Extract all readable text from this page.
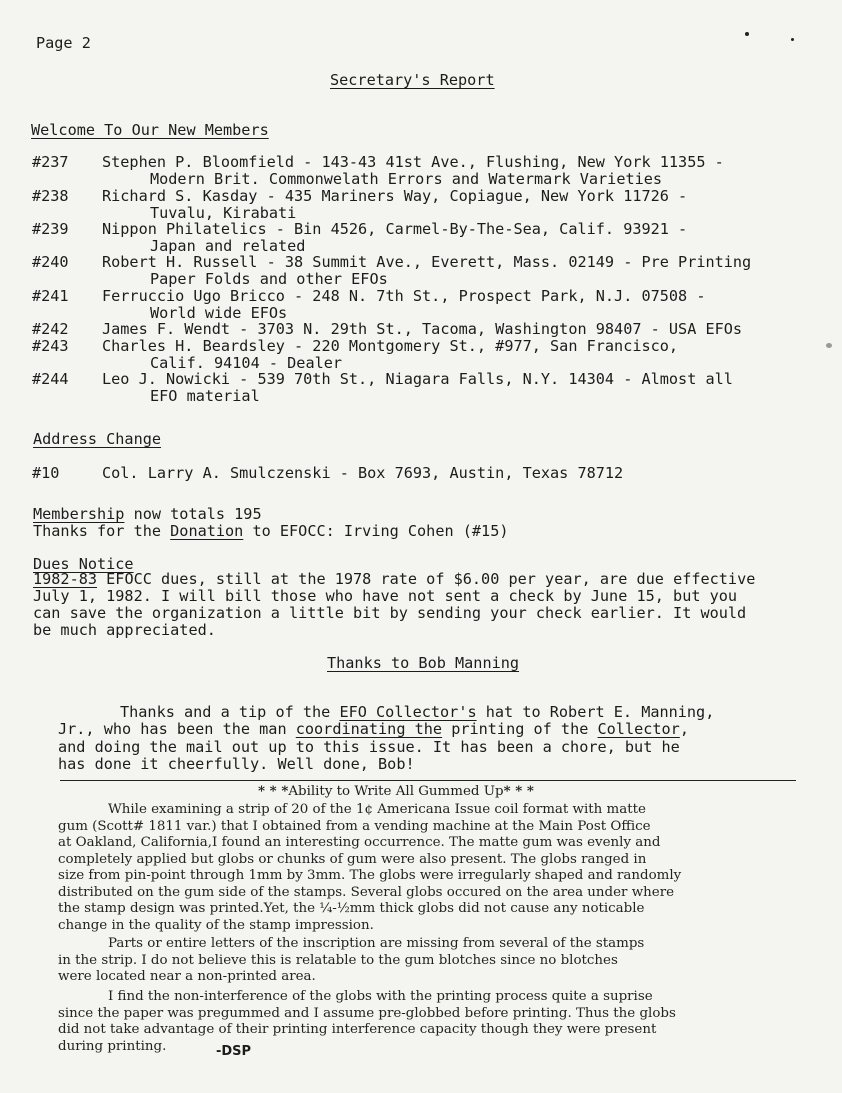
Page 2
Secretary's Report
Welcome To Our New Members
#237 Stephen P. Bloomfield - 143-43 41st Ave., Flushing, New York 11355 -
Modern Brit. Commonwelath Errors and Watermark Varieties
#238 Richard S. Kasday - 435 Mariners Way, Copiague, New York 11726 -
Tuvalu, Kirabati
#239 Nippon Philatelics - Bin 4526, Carmel-By-The-Sea, Calif. 93921 -
Japan and related
#240 Robert H. Russell - 38 Summit Ave., Everett, Mass. 02149 - Pre Printing
Paper Folds and other EFOs
#241 Ferruccio Ugo Bricco - 248 N. 7th St., Prospect Park, N.J. 07508 -
World wide EFOs
#242 James F. Wendt - 3703 N. 29th St., Tacoma, Washington 98407 - USA EFOs
#243 Charles H. Beardsley - 220 Montgomery St., #977, San Francisco,
Calif. 94104 - Dealer
#244 Leo J. Nowicki - 539 70th St., Niagara Falls, N.Y. 14304 - Almost all
EFO material
Address Change
#10	Col. Larry A. Smulczenski - Box 7693, Austin, Texas 78712
Membership now totals 195
Thanks for the Donation to EFOCC: Irving Cohen (#15)
Dues Notice
1982-83 EFOCC dues, still at the 1978 rate of $6.00 per year, are due effective
July 1, 1982. I will bill those who have not sent a check by June 15, but you
can save the organization a little bit by sending your check earlier. It would
be much appreciated.
Thanks to Bob Manning
Thanks and a tip of the EFO Collector's hat to Robert E. Manning,
Jr., who has been the man coordinating the printing of the Collector,
and doing the mail out up to this issue. It has been a chore, but he
has done it cheerfully. Well done, Bob!
* * *Ability to Write All Gummed Up* * *
While examining a strip of 20 of the 1¢ Americana Issue coil format with matte
gum (Scott# 1811 var.) that I obtained from a vending machine at the Main Post Office
at Oakland, California,I found an interesting occurrence. The matte gum was evenly and
completely applied but globs or chunks of gum were also present. The globs ranged in
size from pin-point through 1mm by 3mm. The globs were irregularly shaped and randomly
distributed on the gum side of the stamps. Several globs occured on the area under where
the stamp design was printed.Yet, the ¼-½mm thick globs did not cause any noticable
change in the quality of the stamp impression.
Parts or entire letters of the inscription are missing from several of the stamps
in the strip. I do not believe this is relatable to the gum blotches since no blotches
were located near a non-printed area.
I find the non-interference of the globs with the printing process quite a suprise
since the paper was pregummed and I assume pre-globbed before printing. Thus the globs
did not take advantage of their printing interference capacity though they were present
during printing.	-DSP
